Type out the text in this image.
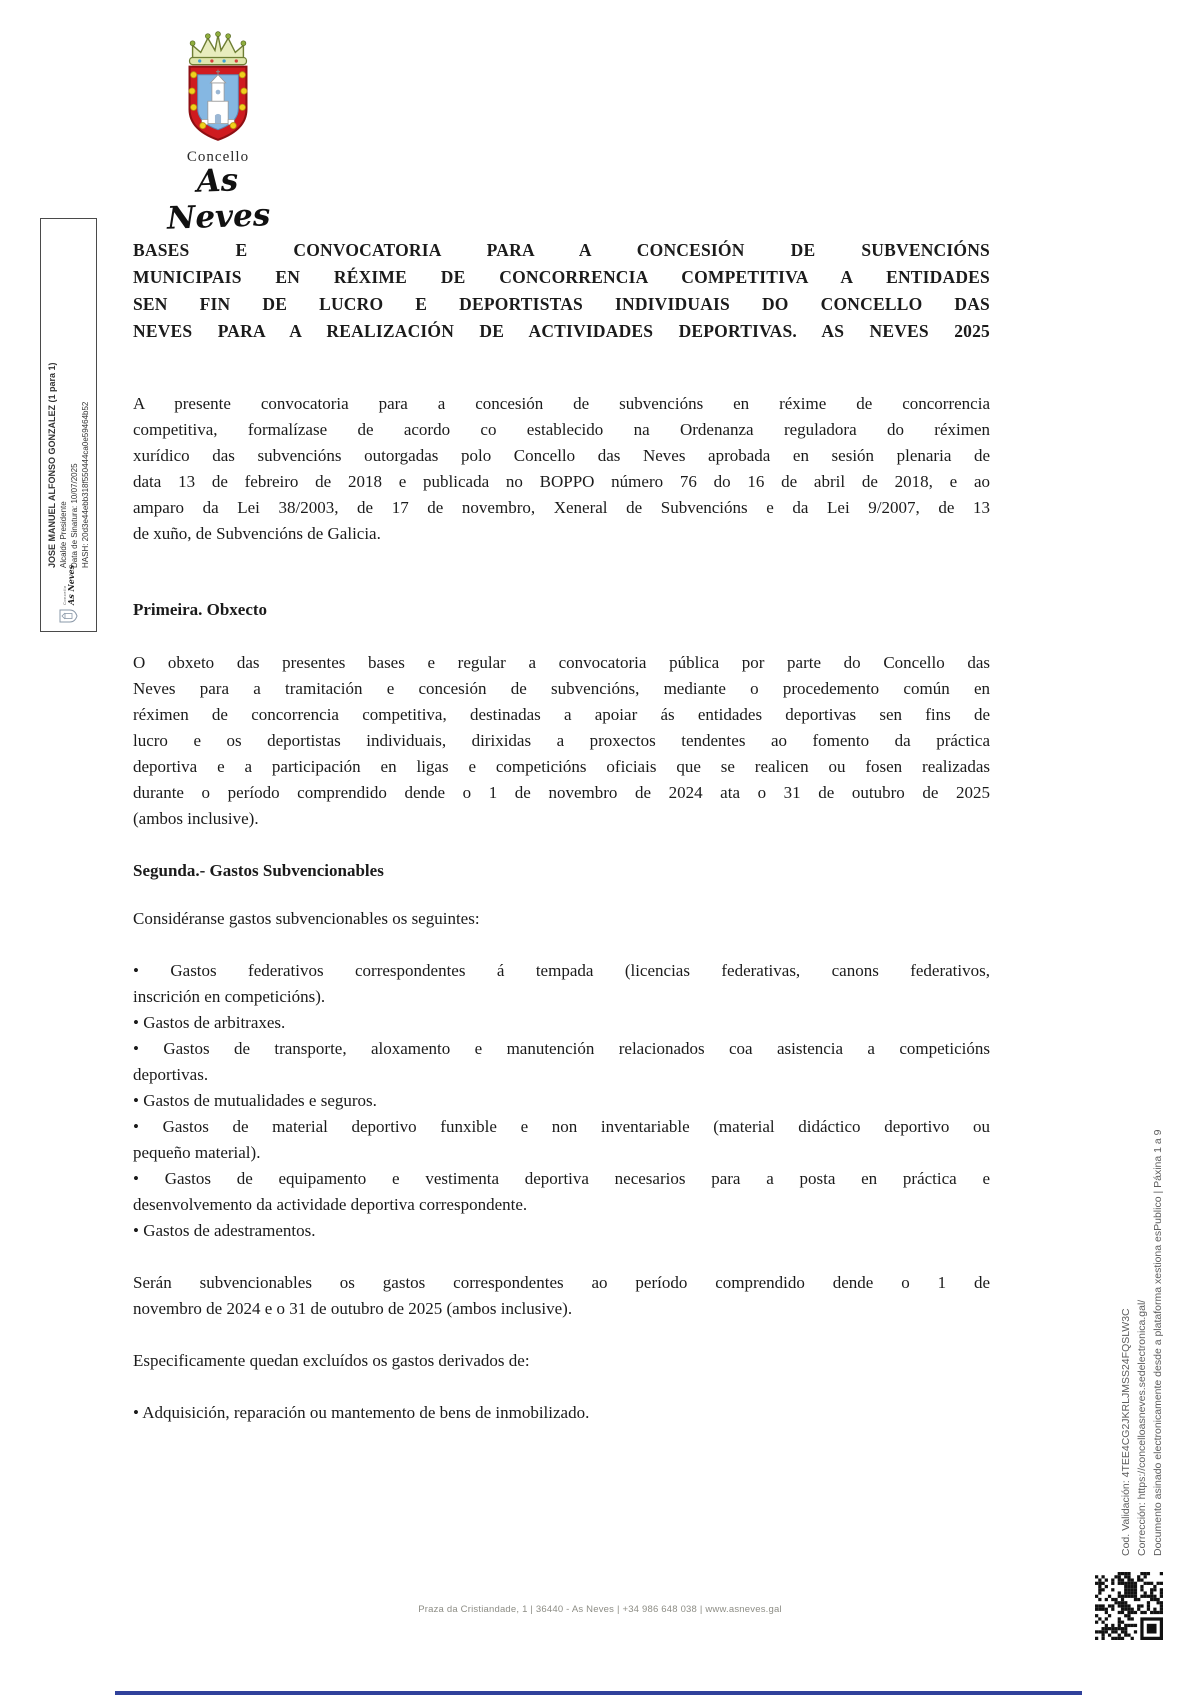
Concello
As Neves
JOSE MANUEL ALFONSO GONZALEZ (1 para 1) Alcalde Presidente Data de Sinatura: 10/07/2025 HASH: 20d3e44ebb318f550444ca0e59464b52
Concello As Neves
BASES E CONVOCATORIA PARA A CONCESIÓN DE SUBVENCIÓNS
MUNICIPAIS EN RÉXIME DE CONCORRENCIA COMPETITIVA A ENTIDADES
SEN FIN DE LUCRO E DEPORTISTAS INDIVIDUAIS DO CONCELLO DAS
NEVES PARA A REALIZACIÓN DE ACTIVIDADES DEPORTIVAS. AS NEVES 2025
A presente convocatoria para a concesión de subvencións en réxime de concorrencia
competitiva, formalízase de acordo co establecido na Ordenanza reguladora do réximen
xurídico das subvencións outorgadas polo Concello das Neves aprobada en sesión plenaria de
data 13 de febreiro de 2018 e publicada no BOPPO número 76 do 16 de abril de 2018, e ao
amparo da Lei 38/2003, de 17 de novembro, Xeneral de Subvencións e da Lei 9/2007, de 13
de xuño, de Subvencións de Galicia.
Primeira. Obxecto
O obxeto das presentes bases e regular a convocatoria pública por parte do Concello das
Neves para a tramitación e concesión de subvencións, mediante o procedemento común en
réximen de concorrencia competitiva, destinadas a apoiar ás entidades deportivas sen fins de
lucro e os deportistas individuais, dirixidas a proxectos tendentes ao fomento da práctica
deportiva e a participación en ligas e competicións oficiais que se realicen ou fosen realizadas
durante o período comprendido dende o 1 de novembro de 2024 ata o 31 de outubro de 2025
(ambos inclusive).
Segunda.- Gastos Subvencionables
Considéranse gastos subvencionables os seguintes:
• Gastos federativos correspondentes á tempada (licencias federativas, canons federativos,
inscrición en competicións).
• Gastos de arbitraxes.
• Gastos de transporte, aloxamento e manutención relacionados coa asistencia a competicións
deportivas.
• Gastos de mutualidades e seguros.
• Gastos de material deportivo funxible e non inventariable (material didáctico deportivo ou
pequeño material).
• Gastos de equipamento e vestimenta deportiva necesarios para a posta en práctica e
desenvolvemento da actividade deportiva correspondente.
• Gastos de adestramentos.
Serán subvencionables os gastos correspondentes ao período comprendido dende o 1 de
novembro de 2024 e o 31 de outubro de 2025 (ambos inclusive).
Especificamente quedan excluídos os gastos derivados de:
• Adquisición, reparación ou mantemento de bens de inmobilizado.	Cod. Validación: 4TEE4CG2JKRLJMSS24FQSLW3C Corrección: https://concelloasneves.sedelectronica.gal/ Documento asinado electronicamente desde a plataforma xestiona esPublico | Páxina 1 a 9
Praza da Cristiandade, 1 | 36440 - As Neves | +34 986 648 038 | www.asneves.gal
